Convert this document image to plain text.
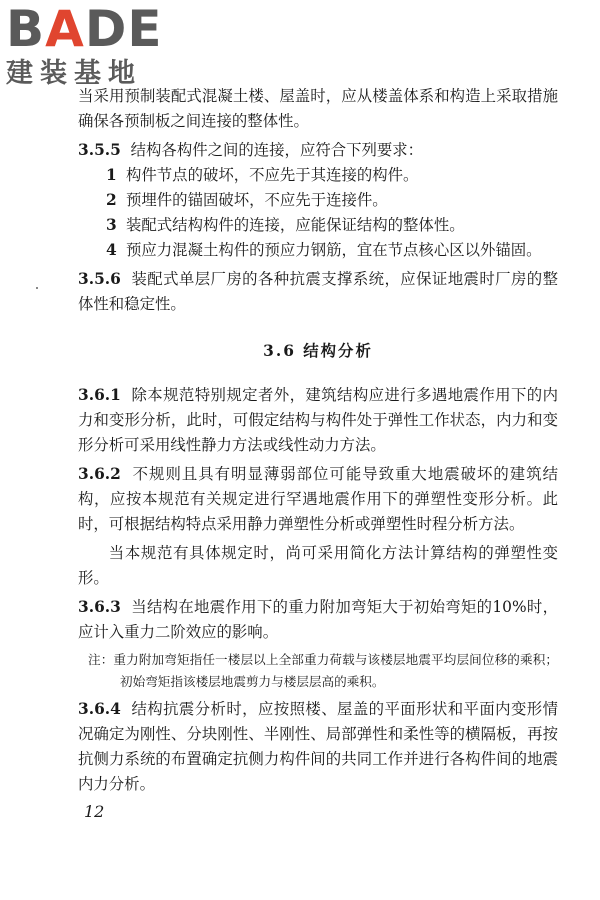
B A DE
建装基地

当采用预制装配式混凝土楼、屋盖时，应从楼盖体系和构造上采取措施确保各预制板之间连接的整体性。

3.5.5 结构各构件之间的连接，应符合下列要求：

1 构件节点的破坏，不应先于其连接的构件。

2 预埋件的锚固破坏，不应先于连接件。

3 装配式结构构件的连接，应能保证结构的整体性。

4 预应力混凝土构件的预应力钢筋，宜在节点核心区以外锚固。

3.5.6 装配式单层厂房的各种抗震支撑系统，应保证地震时厂房的整体性和稳定性。

3.6 结构分析

3.6.1 除本规范特别规定者外，建筑结构应进行多遇地震作用下的内力和变形分析，此时，可假定结构与构件处于弹性工作状态，内力和变形分析可采用线性静力方法或线性动力方法。

3.6.2 不规则且具有明显薄弱部位可能导致重大地震破坏的建筑结构，应按本规范有关规定进行罕遇地震作用下的弹塑性变形分析。此时，可根据结构特点采用静力弹塑性分析或弹塑性时程分析方法。

当本规范有具体规定时，尚可采用简化方法计算结构的弹塑性变形。

3.6.3 当结构在地震作用下的重力附加弯矩大于初始弯矩的10%时，应计入重力二阶效应的影响。

注：重力附加弯矩指任一楼层以上全部重力荷载与该楼层地震平均层间位移的乘积；初始弯矩指该楼层地震剪力与楼层层高的乘积。

3.6.4 结构抗震分析时，应按照楼、屋盖的平面形状和平面内变形情况确定为刚性、分块刚性、半刚性、局部弹性和柔性等的横隔板，再按抗侧力系统的布置确定抗侧力构件间的共同工作并进行各构件间的地震内力分析。

12
